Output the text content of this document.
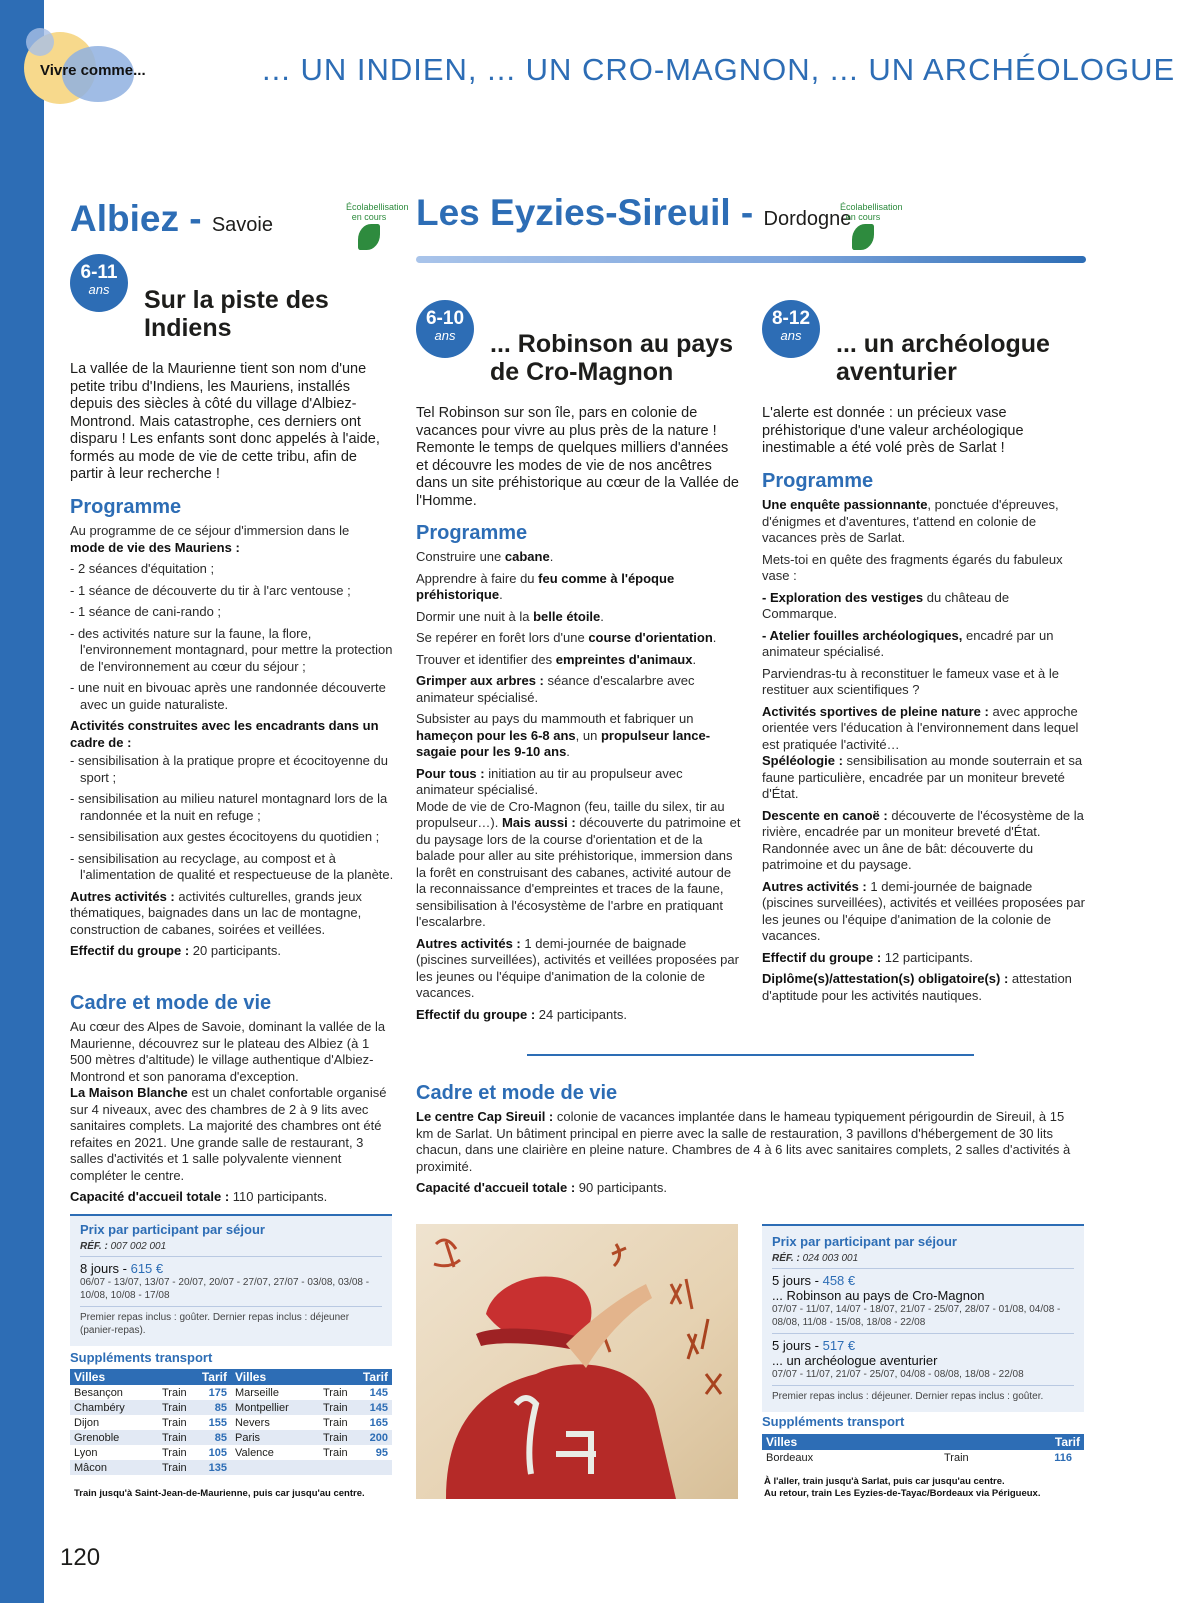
Vivre comme...	... UN INDIEN, ... UN CRO-MAGNON, ... UN ARCHÉOLOGUE
Albiez - Savoie
Écolabellisation
en cours
6-11
ans	Sur la piste des Indiens
La vallée de la Maurienne tient son nom d'une petite tribu d'Indiens, les Mauriens, installés depuis des siècles à côté du village d'Albiez-Montrond. Mais catastrophe, ces derniers ont disparu ! Les enfants sont donc appelés à l'aide, formés au mode de vie de cette tribu, afin de partir à leur recherche !
Programme

Au programme de ce séjour d'immersion dans le
mode de vie des Mauriens :

- 2 séances d'équitation ;
- 1 séance de découverte du tir à l'arc ventouse ;
- 1 séance de cani-rando ;
- des activités nature sur la faune, la flore, l'environnement montagnard, pour mettre la protection de l'environnement au cœur du séjour ;
- une nuit en bivouac après une randonnée découverte avec un guide naturaliste.

Activités construites avec les encadrants dans un cadre de :

- sensibilisation à la pratique propre et écocitoyenne du sport ;
- sensibilisation au milieu naturel montagnard lors de la randonnée et la nuit en refuge ;
- sensibilisation aux gestes écocitoyens du quotidien ;
- sensibilisation au recyclage, au compost et à l'alimentation de qualité et respectueuse de la planète.

Autres activités : activités culturelles, grands jeux thématiques, baignades dans un lac de montagne, construction de cabanes, soirées et veillées.

Effectif du groupe : 20 participants.

Cadre et mode de vie
Au cœur des Alpes de Savoie, dominant la vallée de la Maurienne, découvrez sur le plateau des Albiez (à 1 500 mètres d'altitude) le village authentique d'Albiez-Montrond et son panorama d'exception.

La Maison Blanche est un chalet confortable organisé sur 4 niveaux, avec des chambres de 2 à 9 lits avec sanitaires complets. La majorité des chambres ont été refaites en 2021. Une grande salle de restaurant, 3 salles d'activités et 1 salle polyvalente viennent compléter le centre.

Capacité d'accueil totale : 110 participants.

Prix par participant par séjour
RÉF. : 007 002 001
8 jours - 615 €
06/07 - 13/07, 13/07 - 20/07, 20/07 - 27/07, 27/07 - 03/08, 03/08 - 10/08, 10/08 - 17/08
Premier repas inclus : goûter. Dernier repas inclus : déjeuner (panier-repas).
Suppléments transport
Villes		Tarif	Villes		Tarif
Besançon	Train	175	Marseille	Train	145
Chambéry	Train	85	Montpellier	Train	145
Dijon	Train	155	Nevers	Train	165
Grenoble	Train	85	Paris	Train	200
Lyon	Train	105	Valence	Train	95
Mâcon	Train	135			
Train jusqu'à Saint-Jean-de-Maurienne, puis car jusqu'au centre.
Les Eyzies-Sireuil - Dordogne
Écolabellisation
en cours
6-10
ans	... Robinson au pays de Cro-Magnon
Tel Robinson sur son île, pars en colonie de vacances pour vivre au plus près de la nature ! Remonte le temps de quelques milliers d'années et découvre les modes de vie de nos ancêtres dans un site préhistorique au cœur de la Vallée de l'Homme.
Programme

Construire une cabane.

Apprendre à faire du feu comme à l'époque préhistorique.

Dormir une nuit à la belle étoile.

Se repérer en forêt lors d'une course d'orientation.

Trouver et identifier des empreintes d'animaux.

Grimper aux arbres : séance d'escalarbre avec animateur spécialisé.

Subsister au pays du mammouth et fabriquer un hameçon pour les 6-8 ans, un propulseur lance-sagaie pour les 9-10 ans.

Pour tous : initiation au tir au propulseur avec animateur spécialisé.

Mode de vie de Cro-Magnon (feu, taille du silex, tir au propulseur…). Mais aussi : découverte du patrimoine et du paysage lors de la course d'orientation et de la balade pour aller au site préhistorique, immersion dans la forêt en construisant des cabanes, activité autour de la reconnaissance d'empreintes et traces de la faune, sensibilisation à l'écosystème de l'arbre en pratiquant l'escalarbre.

Autres activités : 1 demi-journée de baignade (piscines surveillées), activités et veillées proposées par les jeunes ou l'équipe d'animation de la colonie de vacances.

Effectif du groupe : 24 participants.

8-12
ans	... un archéologue aventurier
L'alerte est donnée : un précieux vase préhistorique d'une valeur archéologique inestimable a été volé près de Sarlat !
Programme

Une enquête passionnante, ponctuée d'épreuves, d'énigmes et d'aventures, t'attend en colonie de vacances près de Sarlat.

Mets-toi en quête des fragments égarés du fabuleux vase :

- Exploration des vestiges du château de Commarque.

- Atelier fouilles archéologiques, encadré par un animateur spécialisé.

Parviendras-tu à reconstituer le fameux vase et à le restituer aux scientifiques ?

Activités sportives de pleine nature : avec approche orientée vers l'éducation à l'environnement dans lequel est pratiquée l'activité…

Spéléologie : sensibilisation au monde souterrain et sa faune particulière, encadrée par un moniteur breveté d'État.

Descente en canoë : découverte de l'écosystème de la rivière, encadrée par un moniteur breveté d'État. Randonnée avec un âne de bât: découverte du patrimoine et du paysage.

Autres activités : 1 demi-journée de baignade (piscines surveillées), activités et veillées proposées par les jeunes ou l'équipe d'animation de la colonie de vacances.

Effectif du groupe : 12 participants.

Diplôme(s)/attestation(s) obligatoire(s) : attestation d'aptitude pour les activités nautiques.

Cadre et mode de vie

Le centre Cap Sireuil : colonie de vacances implantée dans le hameau typiquement périgourdin de Sireuil, à 15 km de Sarlat. Un bâtiment principal en pierre avec la salle de restauration, 3 pavillons d'hébergement de 30 lits chacun, dans une clairière en pleine nature. Chambres de 4 à 6 lits avec sanitaires complets, 2 salles d'activités à proximité.

Capacité d'accueil totale : 90 participants.

Prix par participant par séjour
RÉF. : 024 003 001
5 jours - 458 €
... Robinson au pays de Cro-Magnon
07/07 - 11/07, 14/07 - 18/07, 21/07 - 25/07, 28/07 - 01/08, 04/08 - 08/08, 11/08 - 15/08, 18/08 - 22/08
5 jours - 517 €
... un archéologue aventurier
07/07 - 11/07, 21/07 - 25/07, 04/08 - 08/08, 18/08 - 22/08
Premier repas inclus : déjeuner. Dernier repas inclus : goûter.
Suppléments transport
Villes		Tarif
Bordeaux	Train	116
À l'aller, train jusqu'à Sarlat, puis car jusqu'au centre.
Au retour, train Les Eyzies-de-Tayac/Bordeaux via Périgueux.
120
